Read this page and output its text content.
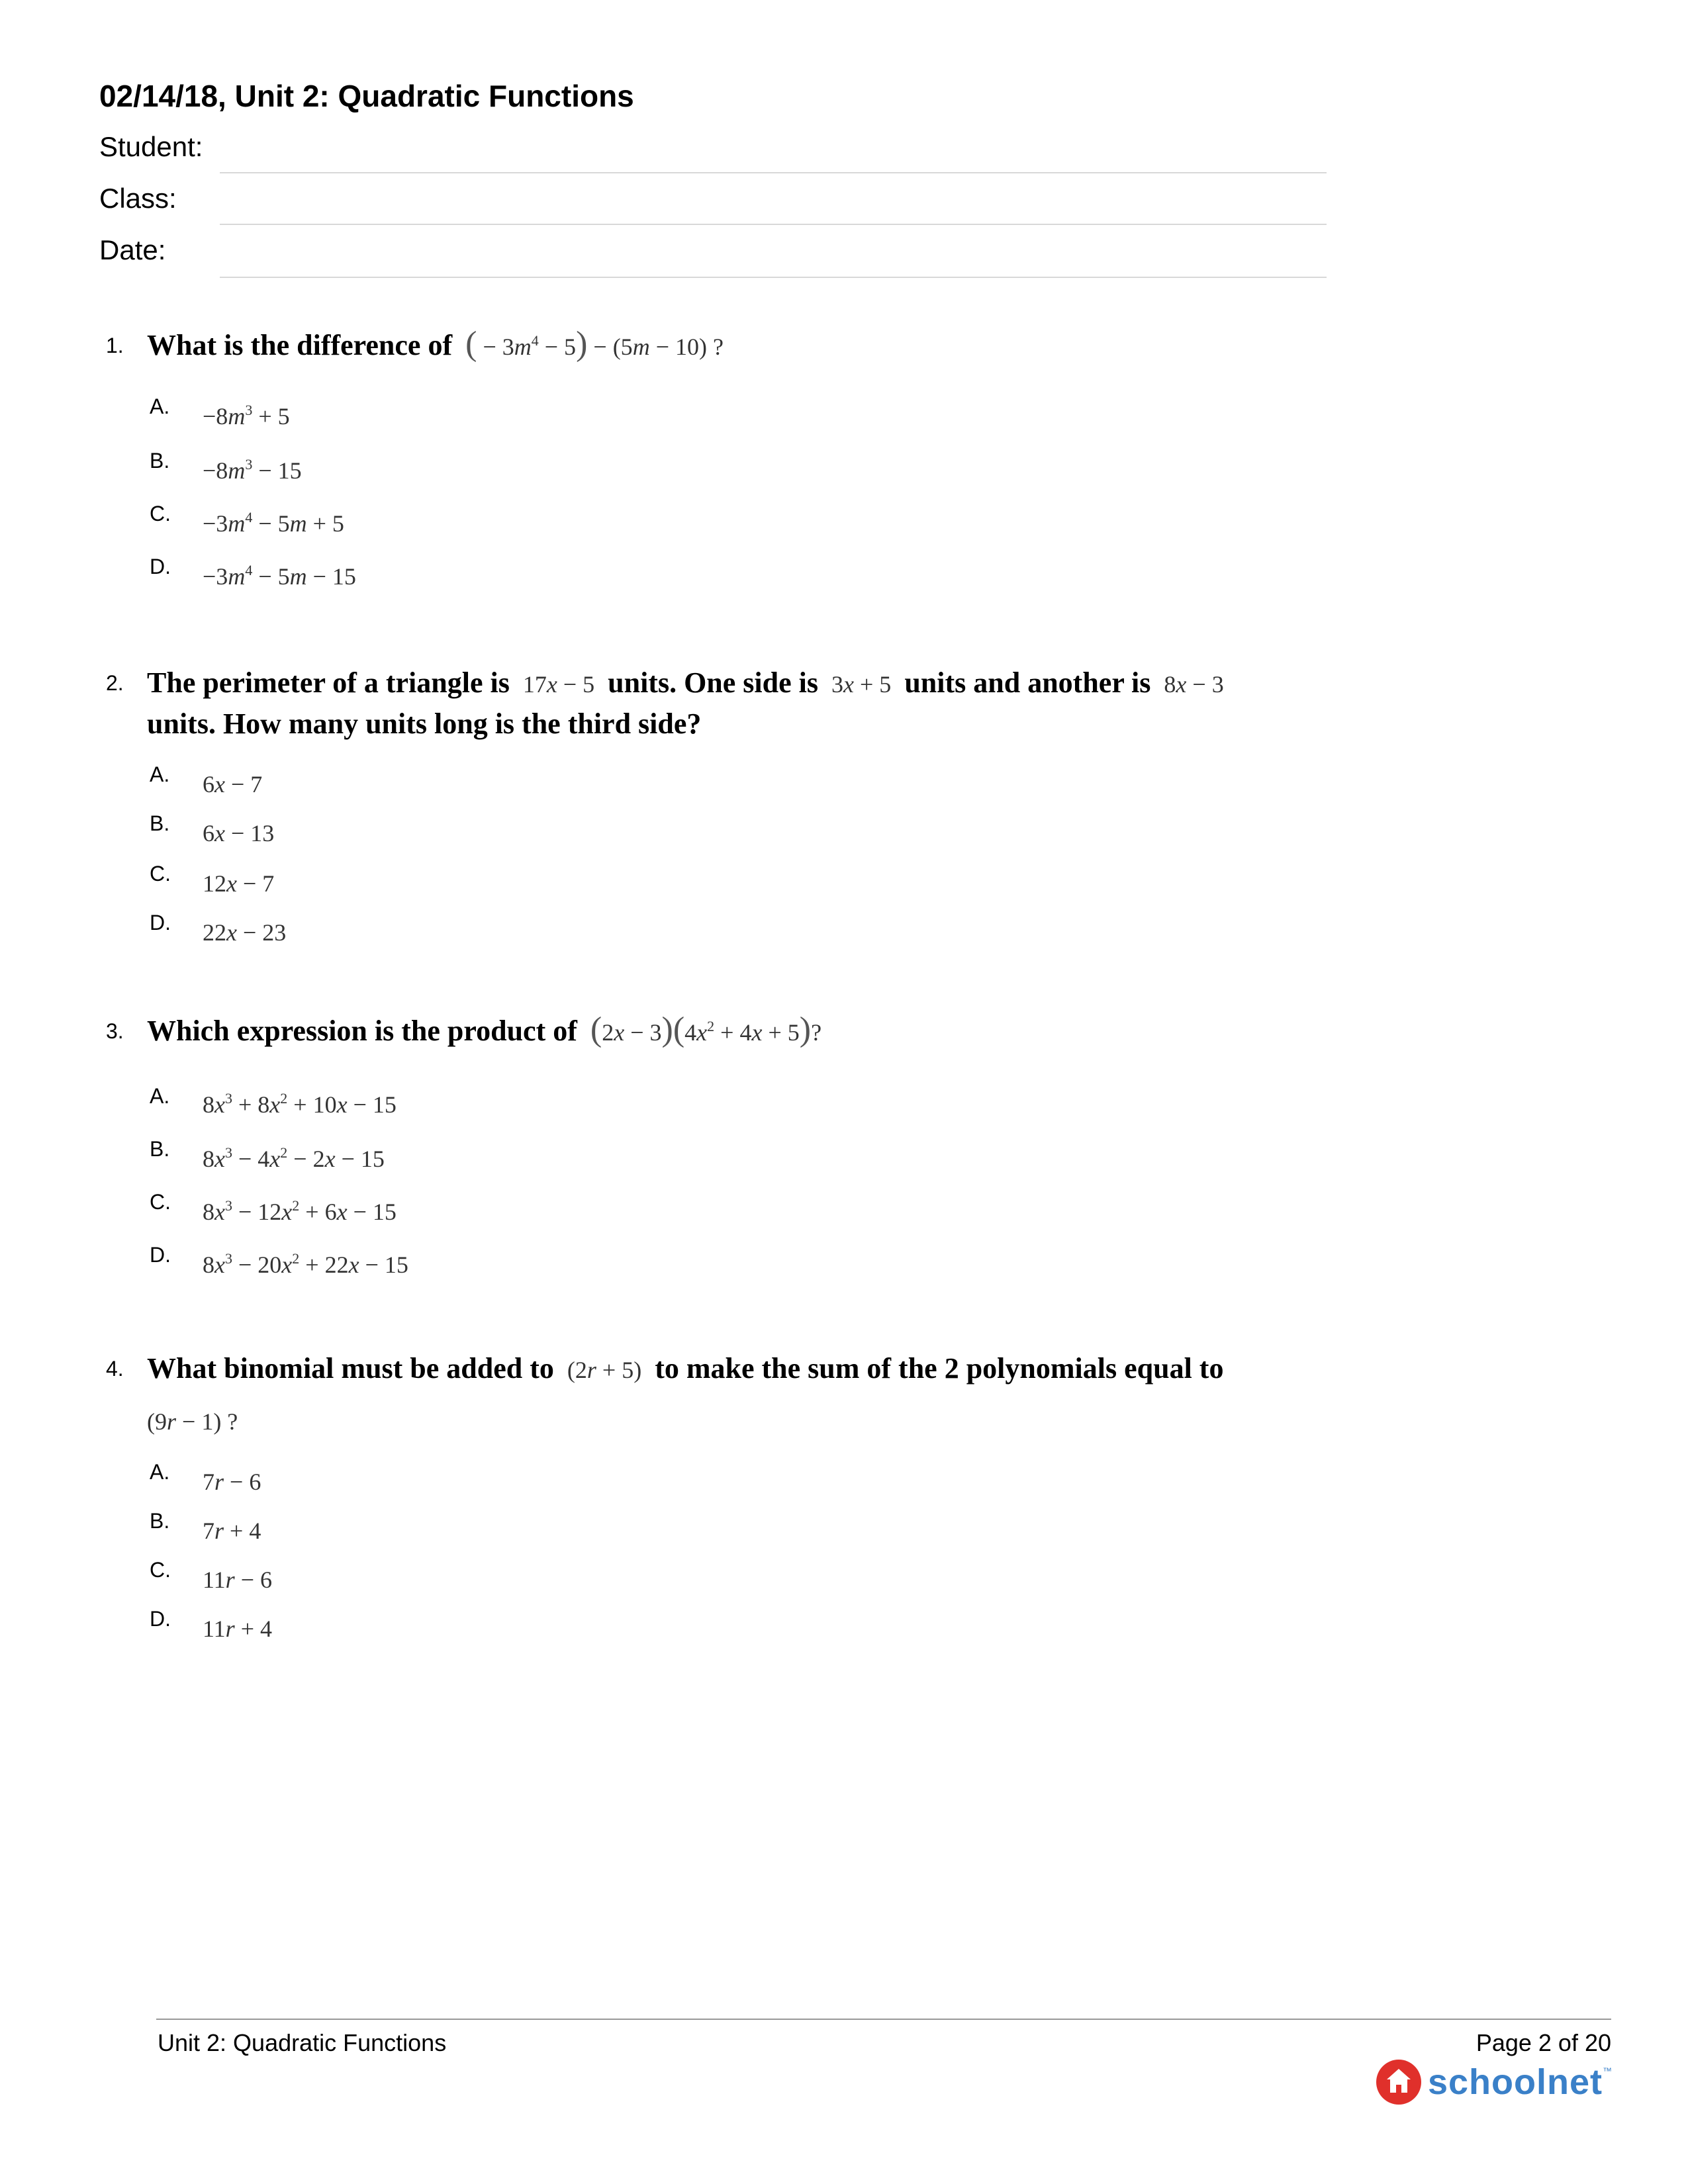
02/14/18, Unit 2: Quadratic Functions
Student:
Class:
Date:
1. What is the difference of ( − $3m^4 - 5) - (5m - 10)$ ?
A. $-8m^3 + 5$
B. $-8m^3 - 15$
C. $-3m^4 - 5m + 5$
D. $-3m^4 - 5m - 15$
2. The perimeter of a triangle is  17x − 5  units. One side is  3x + 5  units and another is  8x − 3
units. How many units long is the third side?
A. 6x − 7
B. 6x − 13
C. 12x − 7
D. 22x − 23
3. Which expression is the product of $(2x - 3)(4x^2 + 4x + 5)$?
A. $8x^3 + 8x^2 + 10x - 15$
B. $8x^3 - 4x^2 - 2x - 15$
C. $8x^3 - 12x^2 + 6x - 15$
D. $8x^3 - 20x^2 + 22x - 15$
4. What binomial must be added to  (2r + 5)  to make the sum of the 2 polynomials equal to
(9r − 1) ?
A. 7r − 6
B. 7r + 4
C. 11r − 6
D. 11r + 4
Unit 2: Quadratic Functions	Page 2 of 20
schoolnet™
